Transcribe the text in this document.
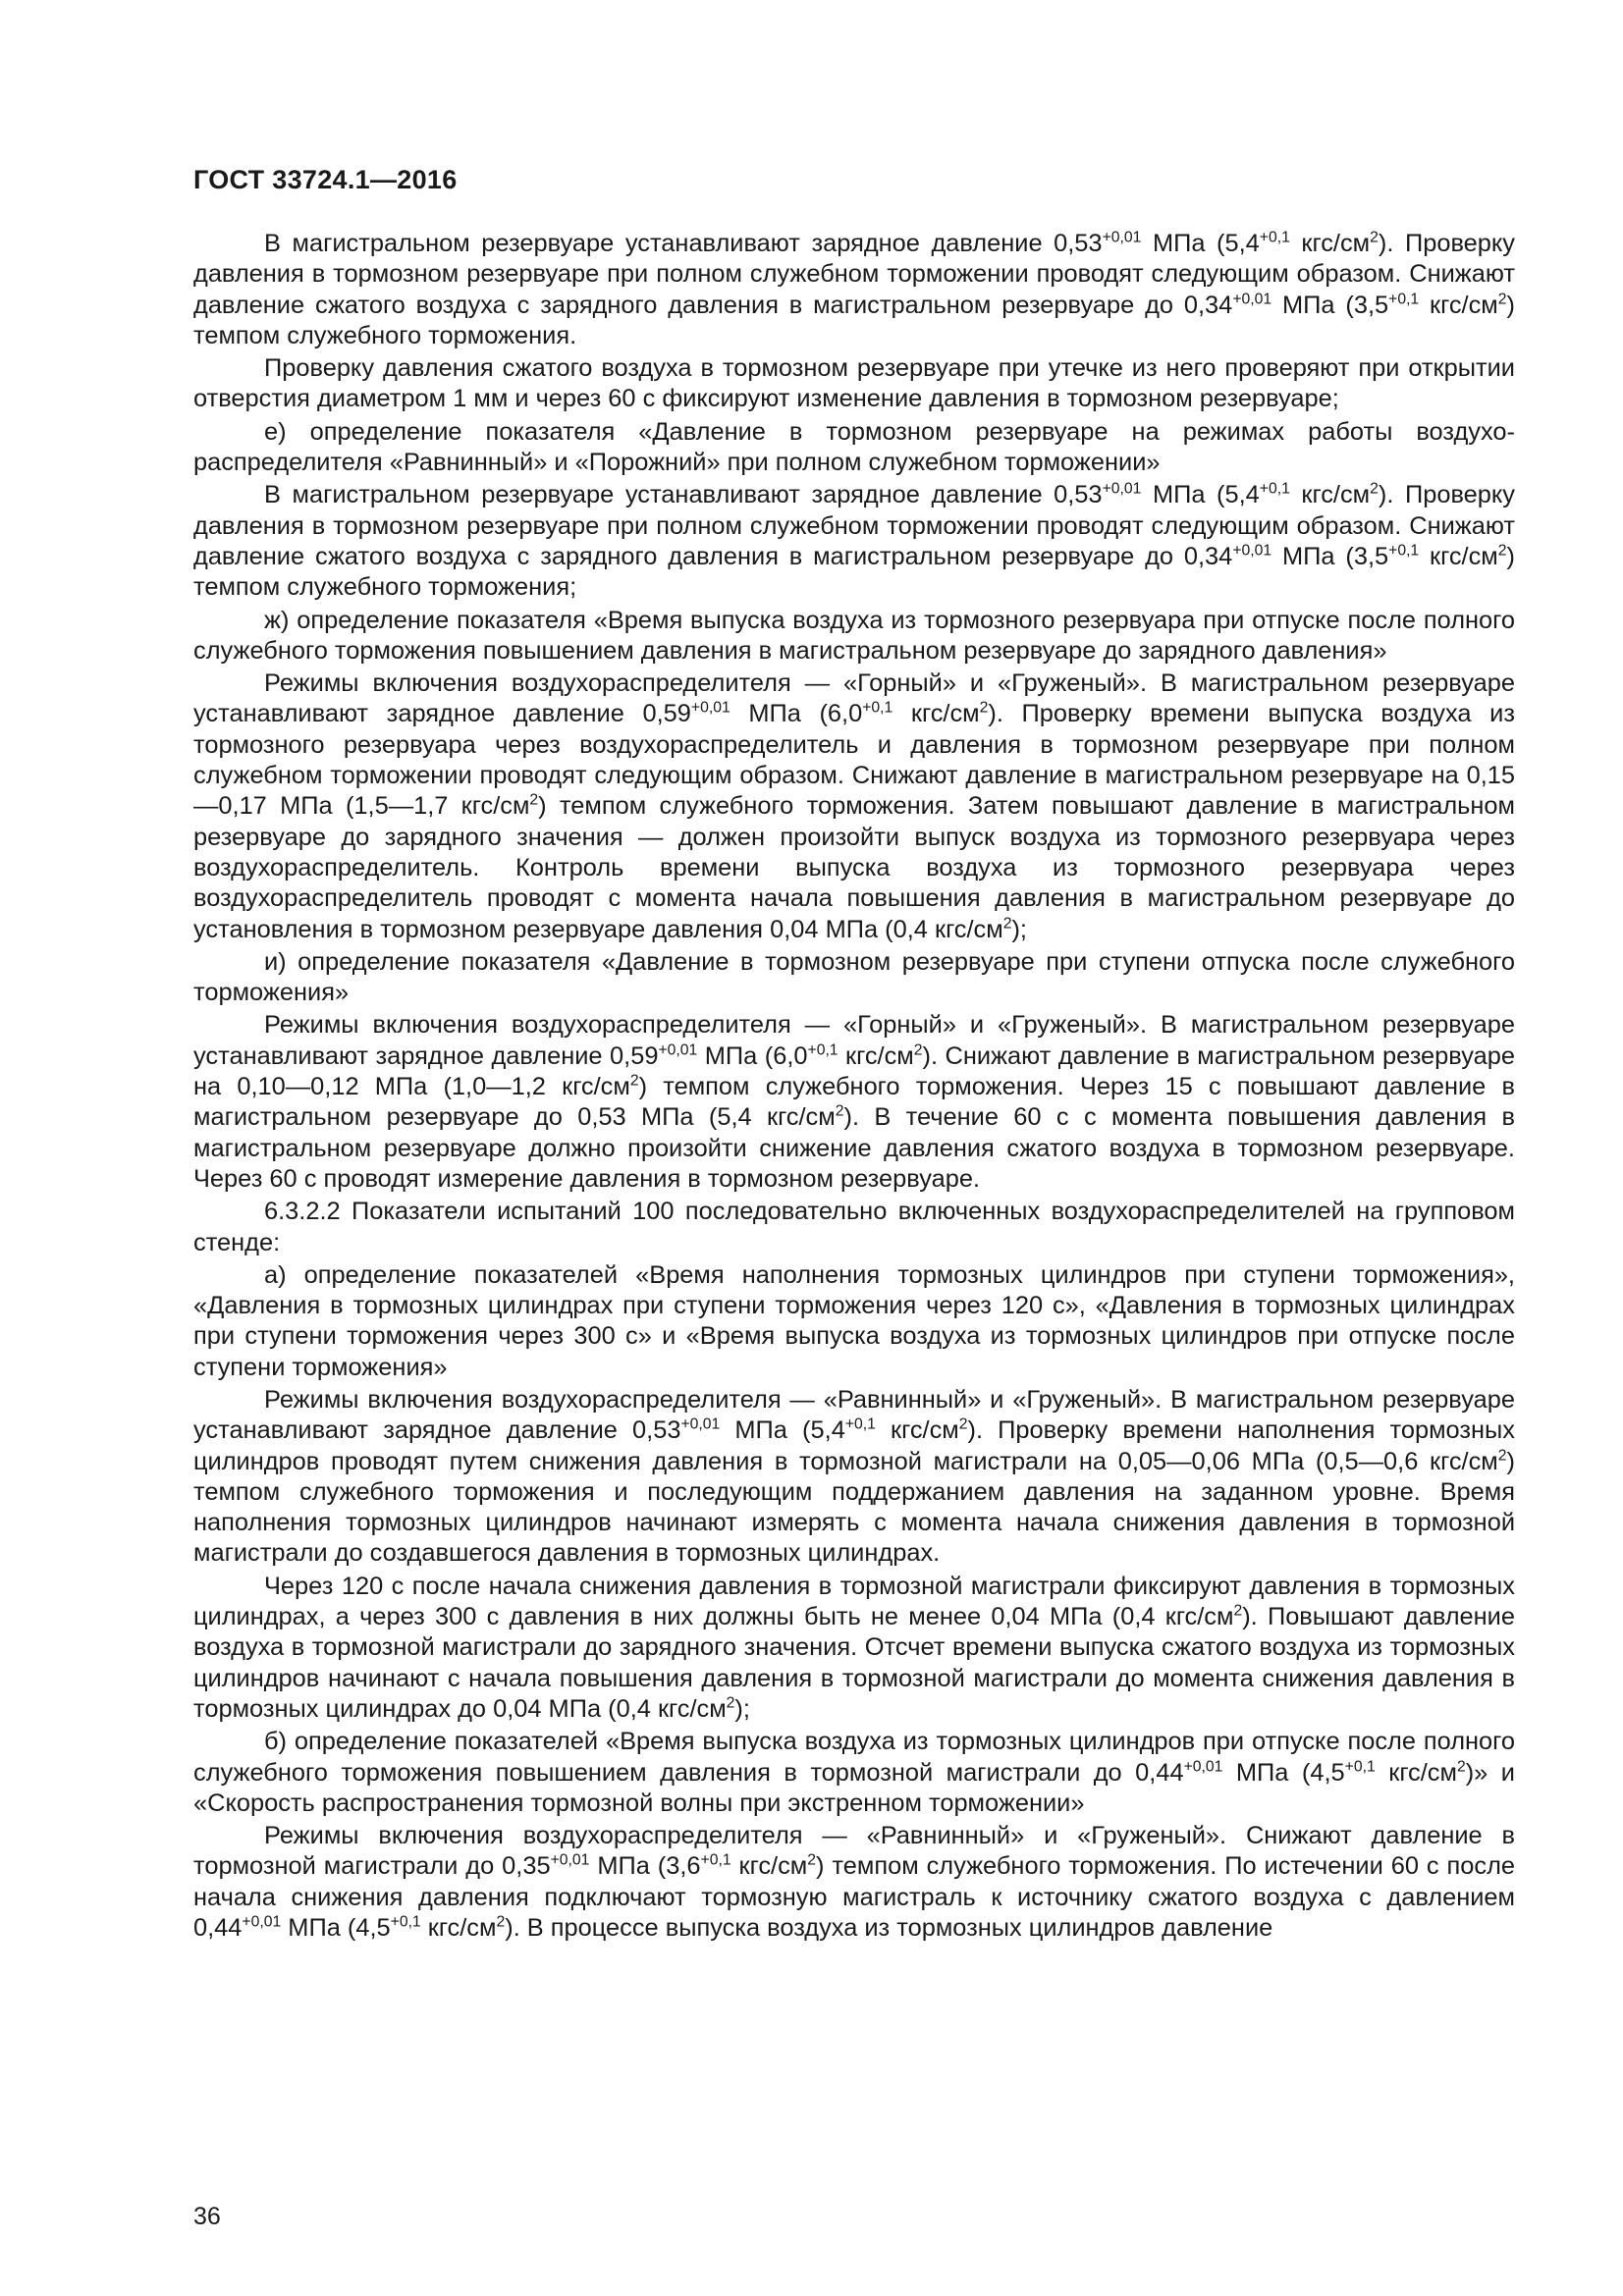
ГОСТ 33724.1—2016

В магистральном резервуаре устанавливают зарядное давление $0,53^{+0,01}$ МПа ($5,4^{+0,1}$ кгс/$см^2$). Проверку давления в тормозном резервуаре при полном служебном торможении проводят следующим образом. Снижают давление сжатого воздуха с зарядного давления в магистральном резервуаре до $0,34^{+0,01}$ МПа ($3,5^{+0,1}$ кгс/$см^2$) темпом служебного торможения.

Проверку давления сжатого воздуха в тормозном резервуаре при утечке из него проверяют при открытии отверстия диаметром 1 мм и через 60 с фиксируют изменение давления в тормозном резервуаре;

е) определение показателя «Давление в тормозном резервуаре на режимах работы воздухораспределителя «Равнинный» и «Порожний» при полном служебном торможении»

В магистральном резервуаре устанавливают зарядное давление $0,53^{+0,01}$ МПа ($5,4^{+0,1}$ кгс/$см^2$). Проверку давления в тормозном резервуаре при полном служебном торможении проводят следующим образом. Снижают давление сжатого воздуха с зарядного давления в магистральном резервуаре до $0,34^{+0,01}$ МПа ($3,5^{+0,1}$ кгс/$см^2$) темпом служебного торможения;

ж) определение показателя «Время выпуска воздуха из тормозного резервуара при отпуске после полного служебного торможения повышением давления в магистральном резервуаре до зарядного давления»

Режимы включения воздухораспределителя — «Горный» и «Груженый». В магистральном резервуаре устанавливают зарядное давление $0,59^{+0,01}$ МПа ($6,0^{+0,1}$ кгс/$см^2$). Проверку времени выпуска воздуха из тормозного резервуара через воздухораспределитель и давления в тормозном резервуаре при полном служебном торможении проводят следующим образом. Снижают давление в магистральном резервуаре на 0,15—0,17 МПа (1,5—1,7 кгс/$см^2$) темпом служебного торможения. Затем повышают давление в магистральном резервуаре до зарядного значения — должен произойти выпуск воздуха из тормозного резервуара через воздухораспределитель. Контроль времени выпуска воздуха из тормозного резервуара через воздухораспределитель проводят с момента начала повышения давления в магистральном резервуаре до установления в тормозном резервуаре давления 0,04 МПа (0,4 кгс/$см^2$);

и) определение показателя «Давление в тормозном резервуаре при ступени отпуска после служебного торможения»

Режимы включения воздухораспределителя — «Горный» и «Груженый». В магистральном резервуаре устанавливают зарядное давление $0,59^{+0,01}$ МПа ($6,0^{+0,1}$ кгс/$см^2$). Снижают давление в магистральном резервуаре на 0,10—0,12 МПа (1,0—1,2 кгс/$см^2$) темпом служебного торможения. Через 15 с повышают давление в магистральном резервуаре до 0,53 МПа (5,4 кгс/$см^2$). В течение 60 с с момента повышения давления в магистральном резервуаре должно произойти снижение давления сжатого воздуха в тормозном резервуаре. Через 60 с проводят измерение давления в тормозном резервуаре.

6.3.2.2 Показатели испытаний 100 последовательно включенных воздухораспределителей на групповом стенде:

а) определение показателей «Время наполнения тормозных цилиндров при ступени торможения», «Давления в тормозных цилиндрах при ступени торможения через 120 с», «Давления в тормозных цилиндрах при ступени торможения через 300 с» и «Время выпуска воздуха из тормозных цилиндров при отпуске после ступени торможения»

Режимы включения воздухораспределителя — «Равнинный» и «Груженый». В магистральном резервуаре устанавливают зарядное давление $0,53^{+0,01}$ МПа ($5,4^{+0,1}$ кгс/$см^2$). Проверку времени наполнения тормозных цилиндров проводят путем снижения давления в тормозной магистрали на 0,05—0,06 МПа (0,5—0,6 кгс/$см^2$) темпом служебного торможения и последующим поддержанием давления на заданном уровне. Время наполнения тормозных цилиндров начинают измерять с момента начала снижения давления в тормозной магистрали до создавшегося давления в тормозных цилиндрах.

Через 120 с после начала снижения давления в тормозной магистрали фиксируют давления в тормозных цилиндрах, а через 300 с давления в них должны быть не менее 0,04 МПа (0,4 кгс/$см^2$). Повышают давление воздуха в тормозной магистрали до зарядного значения. Отсчет времени выпуска сжатого воздуха из тормозных цилиндров начинают с начала повышения давления в тормозной магистрали до момента снижения давления в тормозных цилиндрах до 0,04 МПа (0,4 кгс/$см^2$);

б) определение показателей «Время выпуска воздуха из тормозных цилиндров при отпуске после полного служебного торможения повышением давления в тормозной магистрали до $0,44^{+0,01}$ МПа ($4,5^{+0,1}$ кгс/$см^2$)» и «Скорость распространения тормозной волны при экстренном торможении»

Режимы включения воздухораспределителя — «Равнинный» и «Груженый». Снижают давление в тормозной магистрали до $0,35^{+0,01}$ МПа ($3,6^{+0,1}$ кгс/$см^2$) темпом служебного торможения. По истечении 60 с после начала снижения давления подключают тормозную магистраль к источнику сжатого воздуха с давлением $0,44^{+0,01}$ МПа ($4,5^{+0,1}$ кгс/$см^2$). В процессе выпуска воздуха из тормозных цилиндров давление

36
